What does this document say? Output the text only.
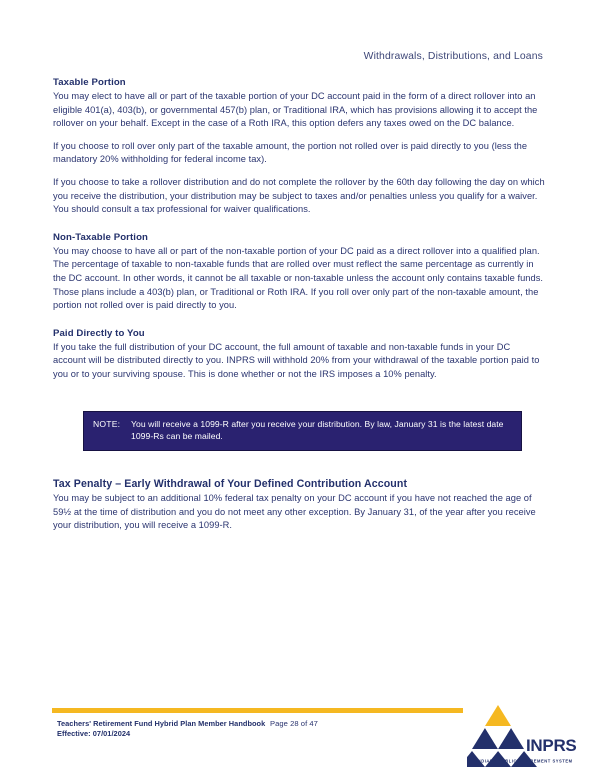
Withdrawals, Distributions, and Loans
Taxable Portion

You may elect to have all or part of the taxable portion of your DC account paid in the form of a direct rollover into an eligible 401(a), 403(b), or governmental 457(b) plan, or Traditional IRA, which has provisions allowing it to accept the rollover on your behalf. Except in the case of a Roth IRA, this option defers any taxes owed on the DC balance.

If you choose to roll over only part of the taxable amount, the portion not rolled over is paid directly to you (less the mandatory 20% withholding for federal income tax).

If you choose to take a rollover distribution and do not complete the rollover by the 60th day following the day on which you receive the distribution, your distribution may be subject to taxes and/or penalties unless you qualify for a waiver. You should consult a tax professional for waiver qualifications.

Non-Taxable Portion

You may choose to have all or part of the non-taxable portion of your DC paid as a direct rollover into a qualified plan. The percentage of taxable to non-taxable funds that are rolled over must reflect the same percentage as currently in the DC account. In other words, it cannot be all taxable or non-taxable unless the account only contains taxable funds. Those plans include a 403(b) plan, or Traditional or Roth IRA. If you roll over only part of the non-taxable amount, the portion not rolled over is paid directly to you.

Paid Directly to You

If you take the full distribution of your DC account, the full amount of taxable and non-taxable funds in your DC account will be distributed directly to you. INPRS will withhold 20% from your withdrawal of the taxable portion paid to you or to your surviving spouse. This is done whether or not the IRS imposes a 10% penalty.

NOTE:	You will receive a 1099-R after you receive your distribution. By law, January 31 is the latest date 1099-Rs can be mailed.
Tax Penalty – Early Withdrawal of Your Defined Contribution Account

You may be subject to an additional 10% federal tax penalty on your DC account if you have not reached the age of 59½ at the time of distribution and you do not meet any other exception. By January 31, of the year after you receive your distribution, you will receive a 1099-R.

Teachers' Retirement Fund Hybrid Plan Member Handbook
Effective: 07/01/2024
Page 28 of 47
INPRS
INDIANA PUBLIC RETIREMENT SYSTEM
